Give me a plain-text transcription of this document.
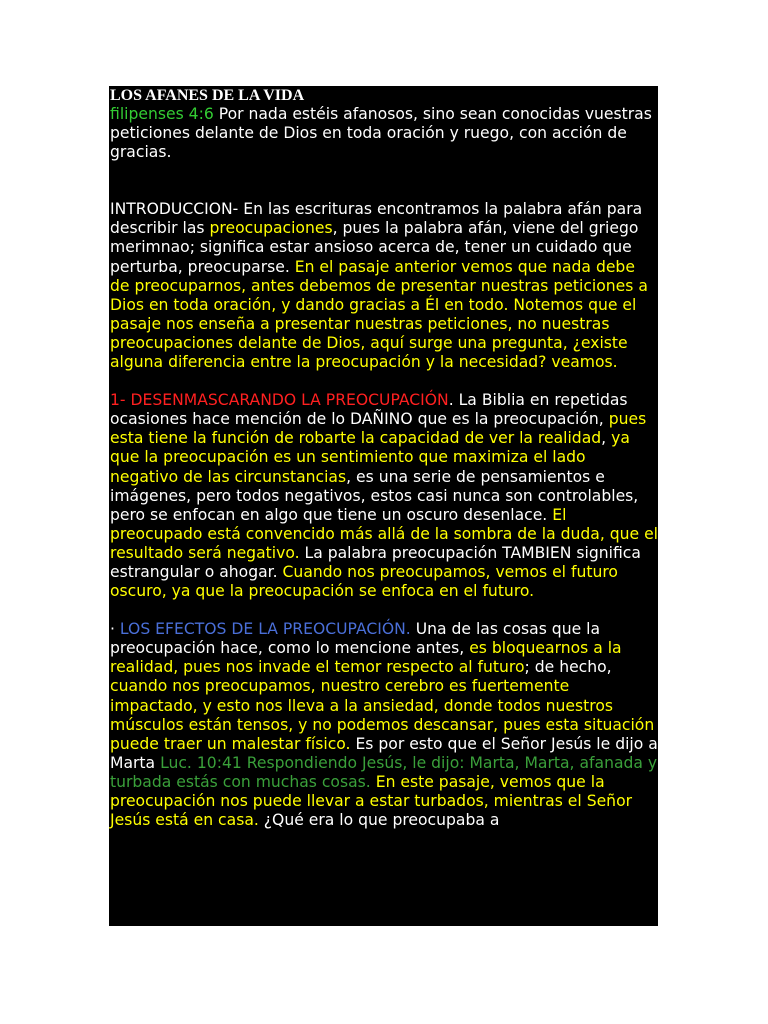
LOS AFANES DE LA VIDA

filipenses 4:6 Por nada estéis afanosos, sino sean conocidas vuestras peticiones delante de Dios en toda oración y ruego, con acción de gracias.

INTRODUCCION- En las escrituras encontramos la palabra afán para describir las preocupaciones, pues la palabra afán, viene del griego merimnao; significa estar ansioso acerca de, tener un cuidado que perturba, preocuparse. En el pasaje anterior vemos que nada debe de preocuparnos, antes debemos de presentar nuestras peticiones a Dios en toda oración, y dando gracias a Él en todo. Notemos que el pasaje nos enseña a presentar nuestras peticiones, no nuestras preocupaciones delante de Dios, aquí surge una pregunta, ¿existe alguna diferencia entre la preocupación y la necesidad? veamos.

1- DESENMASCARANDO LA PREOCUPACIÓN. La Biblia en repetidas ocasiones hace mención de lo DAÑINO que es la preocupación, pues esta tiene la función de robarte la capacidad de ver la realidad, ya que la preocupación es un sentimiento que maximiza el lado negativo de las circunstancias, es una serie de pensamientos e imágenes, pero todos negativos, estos casi nunca son controlables, pero se enfocan en algo que tiene un oscuro desenlace. El preocupado está convencido más allá de la sombra de la duda, que el resultado será negativo. La palabra preocupación TAMBIEN significa estrangular o ahogar. Cuando nos preocupamos, vemos el futuro oscuro, ya que la preocupación se enfoca en el futuro.

· LOS EFECTOS DE LA PREOCUPACIÓN. Una de las cosas que la preocupación hace, como lo mencione antes, es bloquearnos a la realidad, pues nos invade el temor respecto al futuro; de hecho, cuando nos preocupamos, nuestro cerebro es fuertemente impactado, y esto nos lleva a la ansiedad, donde todos nuestros músculos están tensos, y no podemos descansar, pues esta situación puede traer un malestar físico. Es por esto que el Señor Jesús le dijo a Marta Luc. 10:41 Respondiendo Jesús, le dijo: Marta, Marta, afanada y turbada estás con muchas cosas. En este pasaje, vemos que la preocupación nos puede llevar a estar turbados, mientras el Señor Jesús está en casa. ¿Qué era lo que preocupaba a
